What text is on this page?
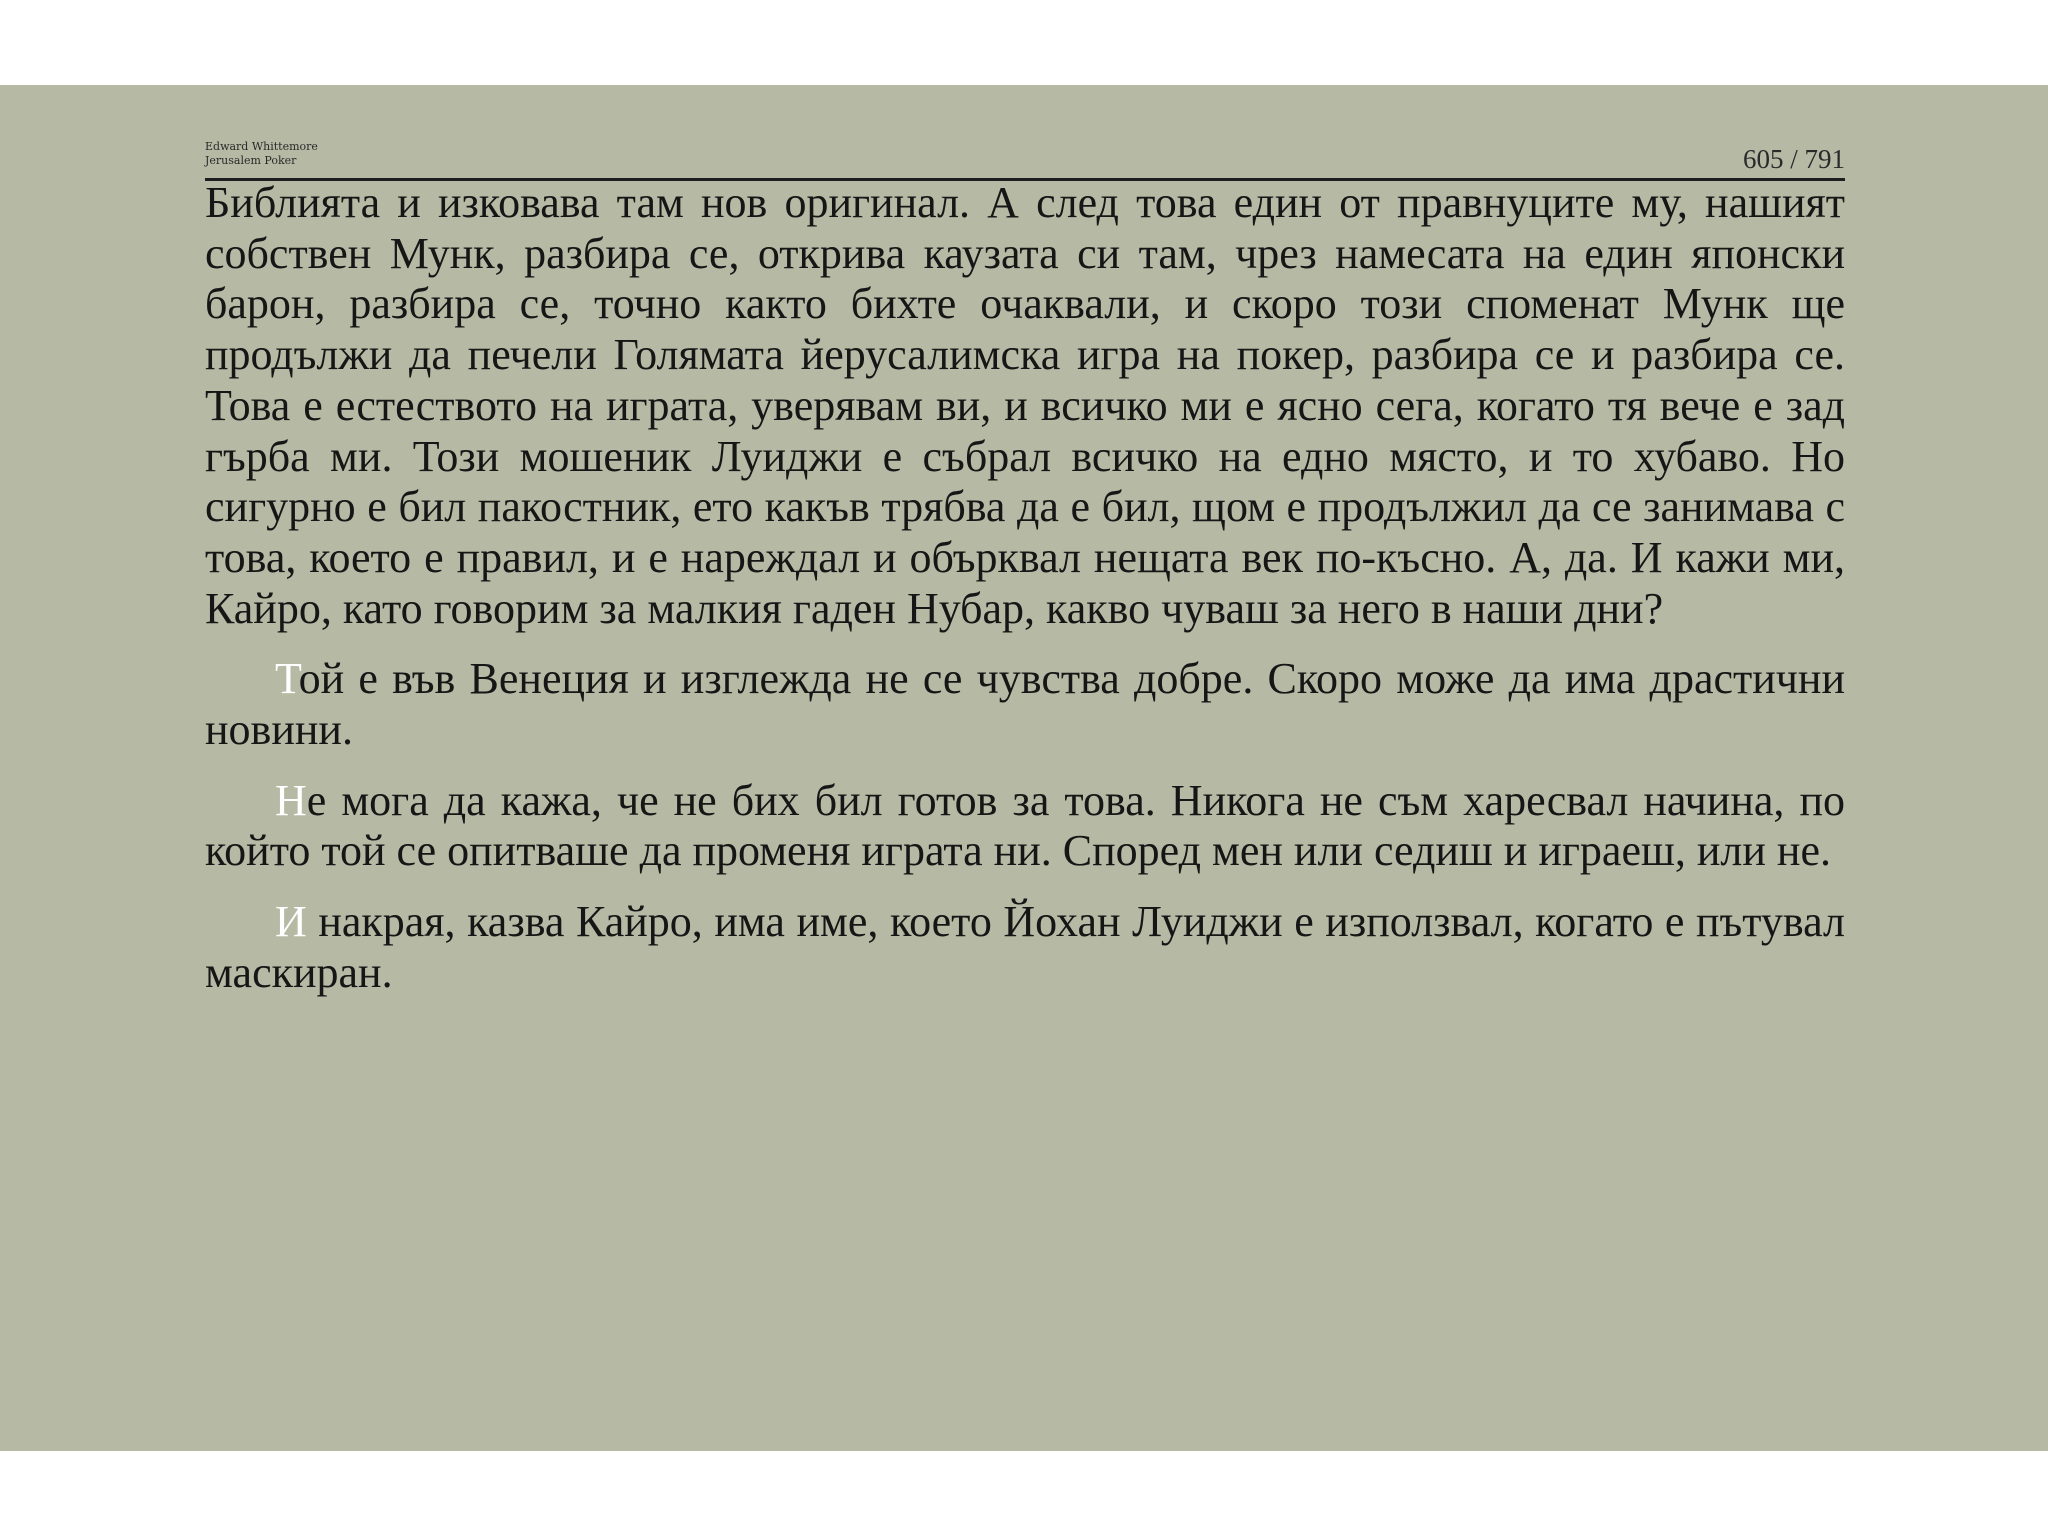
Edward Whittemore
Jerusalem Poker	605 / 791

Библията и изковава там нов оригинал. А след това един от правнуците му, нашият собствен Мунк, разбира се, открива каузата си там, чрез намесата на един японски барон, разбира се, точно както бихте очаквали, и скоро този споменат Мунк ще продължи да печели Голямата йерусалимска игра на покер, разбира се и разбира се. Това е естеството на играта, уверявам ви, и всичко ми е ясно сега, когато тя вече е зад гърба ми. Този мошеник Луиджи е събрал всичко на едно място, и то хубаво. Но сигурно е бил пакостник, ето какъв трябва да е бил, щом е продължил да се занимава с това, което е правил, и е нареждал и обърквал нещата век по-късно. А, да. И кажи ми, Кайро, като говорим за малкия гаден Нубар, какво чуваш за него в наши дни?

Той е във Венеция и изглежда не се чувства добре. Скоро може да има драстични новини.

Не мога да кажа, че не бих бил готов за това. Никога не съм харесвал начина, по който той се опитваше да променя играта ни. Според мен или седиш и играеш, или не.

И накрая, казва Кайро, има име, което Йохан Луиджи е използвал, когато е пътувал маскиран.
